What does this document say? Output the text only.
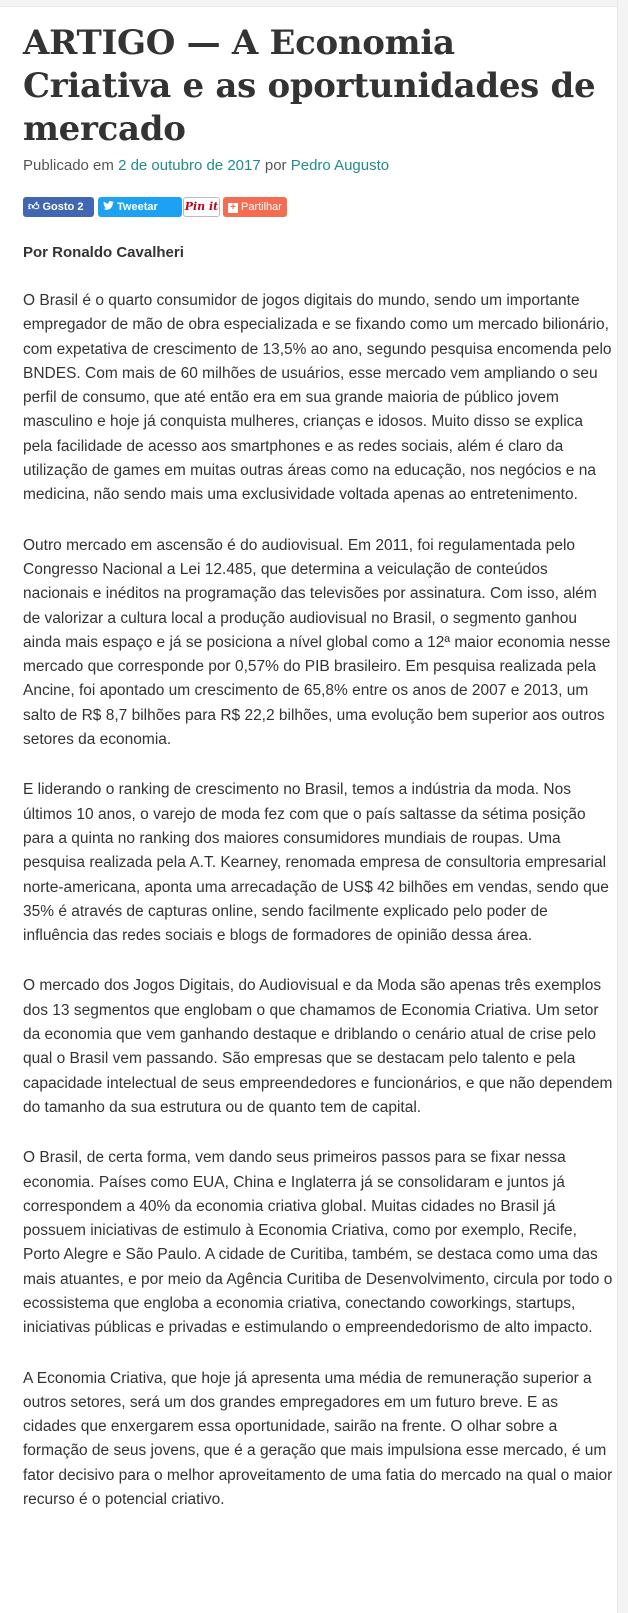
ARTIGO — A Economia Criativa e as oportunidades de mercado
Publicado em 2 de outubro de 2017 por Pedro Augusto
👍︎ Gosto 2	Tweetar	Pin it	+ Partilhar
Por Ronaldo Cavalheri

O Brasil é o quarto consumidor de jogos digitais do mundo, sendo um importante empregador de mão de obra especializada e se fixando como um mercado bilionário, com expetativa de crescimento de 13,5% ao ano, segundo pesquisa encomenda pelo BNDES. Com mais de 60 milhões de usuários, esse mercado vem ampliando o seu perfil de consumo, que até então era em sua grande maioria de público jovem masculino e hoje já conquista mulheres, crianças e idosos. Muito disso se explica pela facilidade de acesso aos smartphones e as redes sociais, além é claro da utilização de games em muitas outras áreas como na educação, nos negócios e na medicina, não sendo mais uma exclusividade voltada apenas ao entretenimento.

Outro mercado em ascensão é do audiovisual. Em 2011, foi regulamentada pelo Congresso Nacional a Lei 12.485, que determina a veiculação de conteúdos nacionais e inéditos na programação das televisões por assinatura. Com isso, além de valorizar a cultura local a produção audiovisual no Brasil, o segmento ganhou ainda mais espaço e já se posiciona a nível global como a 12ª maior economia nesse mercado que corresponde por 0,57% do PIB brasileiro. Em pesquisa realizada pela Ancine, foi apontado um crescimento de 65,8% entre os anos de 2007 e 2013, um salto de R$ 8,7 bilhões para R$ 22,2 bilhões, uma evolução bem superior aos outros setores da economia.

E liderando o ranking de crescimento no Brasil, temos a indústria da moda. Nos últimos 10 anos, o varejo de moda fez com que o país saltasse da sétima posição para a quinta no ranking dos maiores consumidores mundiais de roupas. Uma pesquisa realizada pela A.T. Kearney, renomada empresa de consultoria empresarial norte-americana, aponta uma arrecadação de US$ 42 bilhões em vendas, sendo que 35% é através de capturas online, sendo facilmente explicado pelo poder de influência das redes sociais e blogs de formadores de opinião dessa área.

O mercado dos Jogos Digitais, do Audiovisual e da Moda são apenas três exemplos dos 13 segmentos que englobam o que chamamos de Economia Criativa. Um setor da economia que vem ganhando destaque e driblando o cenário atual de crise pelo qual o Brasil vem passando. São empresas que se destacam pelo talento e pela capacidade intelectual de seus empreendedores e funcionários, e que não dependem do tamanho da sua estrutura ou de quanto tem de capital.

O Brasil, de certa forma, vem dando seus primeiros passos para se fixar nessa economia. Países como EUA, China e Inglaterra já se consolidaram e juntos já correspondem a 40% da economia criativa global. Muitas cidades no Brasil já possuem iniciativas de estimulo à Economia Criativa, como por exemplo, Recife, Porto Alegre e São Paulo. A cidade de Curitiba, também, se destaca como uma das mais atuantes, e por meio da Agência Curitiba de Desenvolvimento, circula por todo o ecossistema que engloba a economia criativa, conectando coworkings, startups, iniciativas públicas e privadas e estimulando o empreendedorismo de alto impacto.

A Economia Criativa, que hoje já apresenta uma média de remuneração superior a outros setores, será um dos grandes empregadores em um futuro breve. E as cidades que enxergarem essa oportunidade, sairão na frente. O olhar sobre a formação de seus jovens, que é a geração que mais impulsiona esse mercado, é um fator decisivo para o melhor aproveitamento de uma fatia do mercado na qual o maior recurso é o potencial criativo.
